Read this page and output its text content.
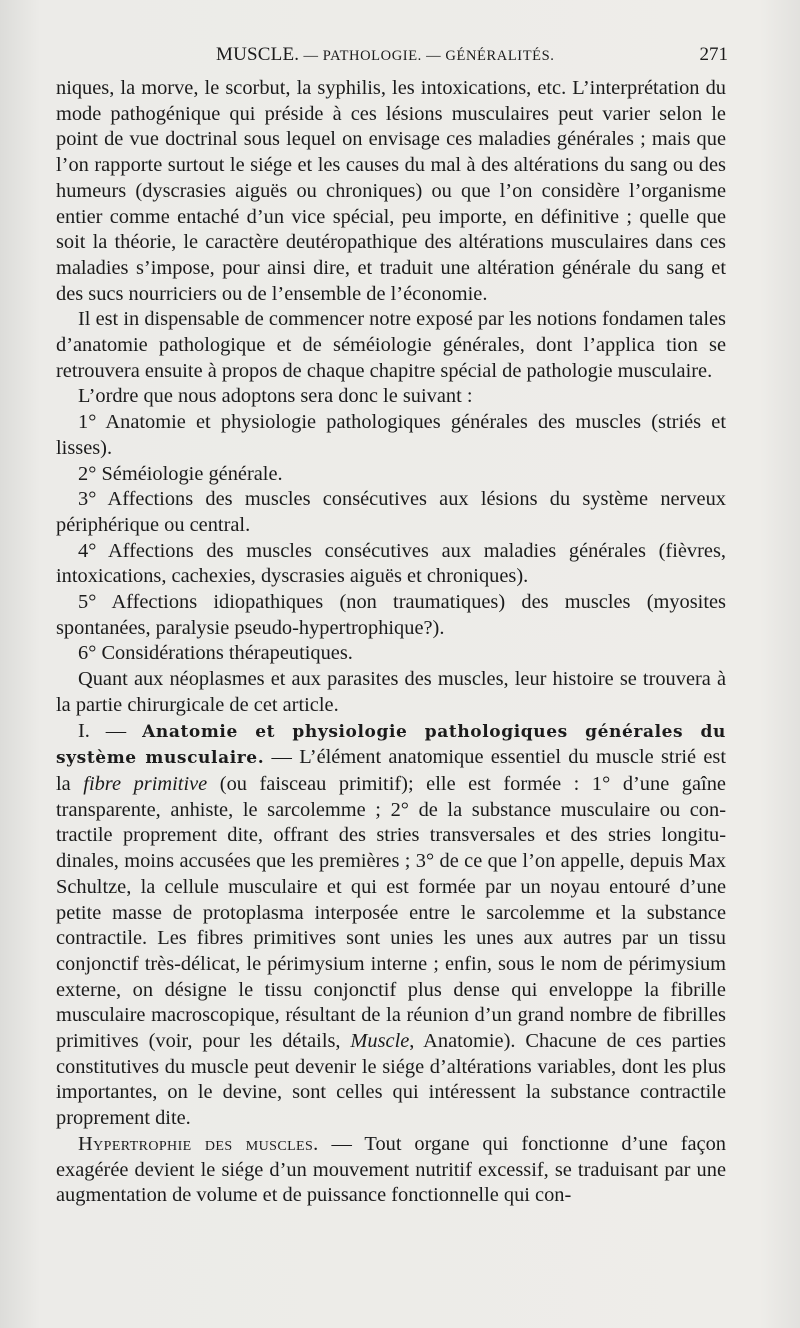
MUSCLE. — PATHOLOGIE. — GÉNÉRALITÉS.	271

niques, la morve, le scorbut, la syphilis, les intoxications, etc. L’interprétation du mode pathogénique qui préside à ces lésions musculaires peut varier selon le point de vue doctrinal sous lequel on envisage ces maladies générales ; mais que l’on rapporte surtout le siége et les causes du mal à des altérations du sang ou des humeurs (dyscrasies aiguës ou chroniques) ou que l’on considère l’organisme entier comme entaché d’un vice spécial, peu importe, en définitive ; quelle que soit la théorie, le caractère deutéropathique des altérations musculaires dans ces maladies s’impose, pour ainsi dire, et traduit une altération générale du sang et des sucs nourriciers ou de l’ensemble de l’économie.

Il est in dispensable de commencer notre exposé par les notions fondamen tales d’anatomie pathologique et de séméiologie générales, dont l’applica tion se retrouvera ensuite à propos de chaque chapitre spécial de pathologie musculaire.

L’ordre que nous adoptons sera donc le suivant :

1° Anatomie et physiologie pathologiques générales des muscles (striés et lisses).

2° Séméiologie générale.

3° Affections des muscles consécutives aux lésions du système nerveux périphérique ou central.

4° Affections des muscles consécutives aux maladies générales (fièvres, intoxications, cachexies, dyscrasies aiguës et chroniques).

5° Affections idiopathiques (non traumatiques) des muscles (myosites spontanées, paralysie pseudo-hypertrophique?).

6° Considérations thérapeutiques.

Quant aux néoplasmes et aux parasites des muscles, leur histoire se trouvera à la partie chirurgicale de cet article.

I. — Anatomie et physiologie pathologiques générales du système musculaire. — L’élément anatomique essentiel du muscle strié est la fibre primitive (ou faisceau primitif); elle est formée : 1° d’une gaîne transparente, anhiste, le sarcolemme ; 2° de la substance musculaire ou contractile proprement dite, offrant des stries transversales et des stries longitudinales, moins accusées que les premières ; 3° de ce que l’on appelle, depuis Max Schultze, la cellule musculaire et qui est formée par un noyau entouré d’une petite masse de protoplasma interposée entre le sarcolemme et la substance contractile. Les fibres primitives sont unies les unes aux autres par un tissu conjonctif très-délicat, le périmysium interne ; enfin, sous le nom de périmysium externe, on désigne le tissu conjonctif plus dense qui enveloppe la fibrille musculaire macroscopique, résultant de la réunion d’un grand nombre de fibrilles primitives (voir, pour les détails, Muscle, Anatomie). Chacune de ces parties constitutives du muscle peut devenir le siége d’altérations variables, dont les plus importantes, on le devine, sont celles qui intéressent la substance contractile proprement dite.

Hypertrophie des muscles. — Tout organe qui fonctionne d’une façon exagérée devient le siége d’un mouvement nutritif excessif, se traduisant par une augmentation de volume et de puissance fonctionnelle qui con-
